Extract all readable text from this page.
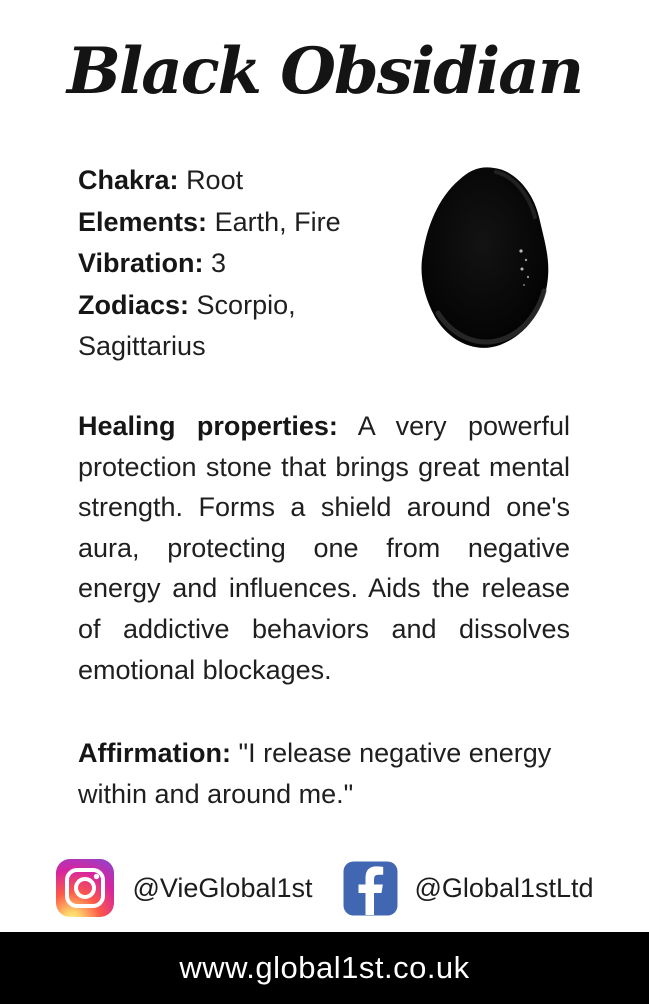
Black Obsidian

Chakra: Root

Elements: Earth, Fire

Vibration: 3

Zodiacs: Scorpio, Sagittarius

Healing properties: A very powerful protection stone that brings great mental strength. Forms a shield around one's aura, protecting one from negative energy and influences. Aids the release of addictive behaviors and dissolves emotional blockages.

Affirmation: "I release negative energy within and around me."

@VieGlobal1st	@Global1stLtd
www.global1st.co.uk
